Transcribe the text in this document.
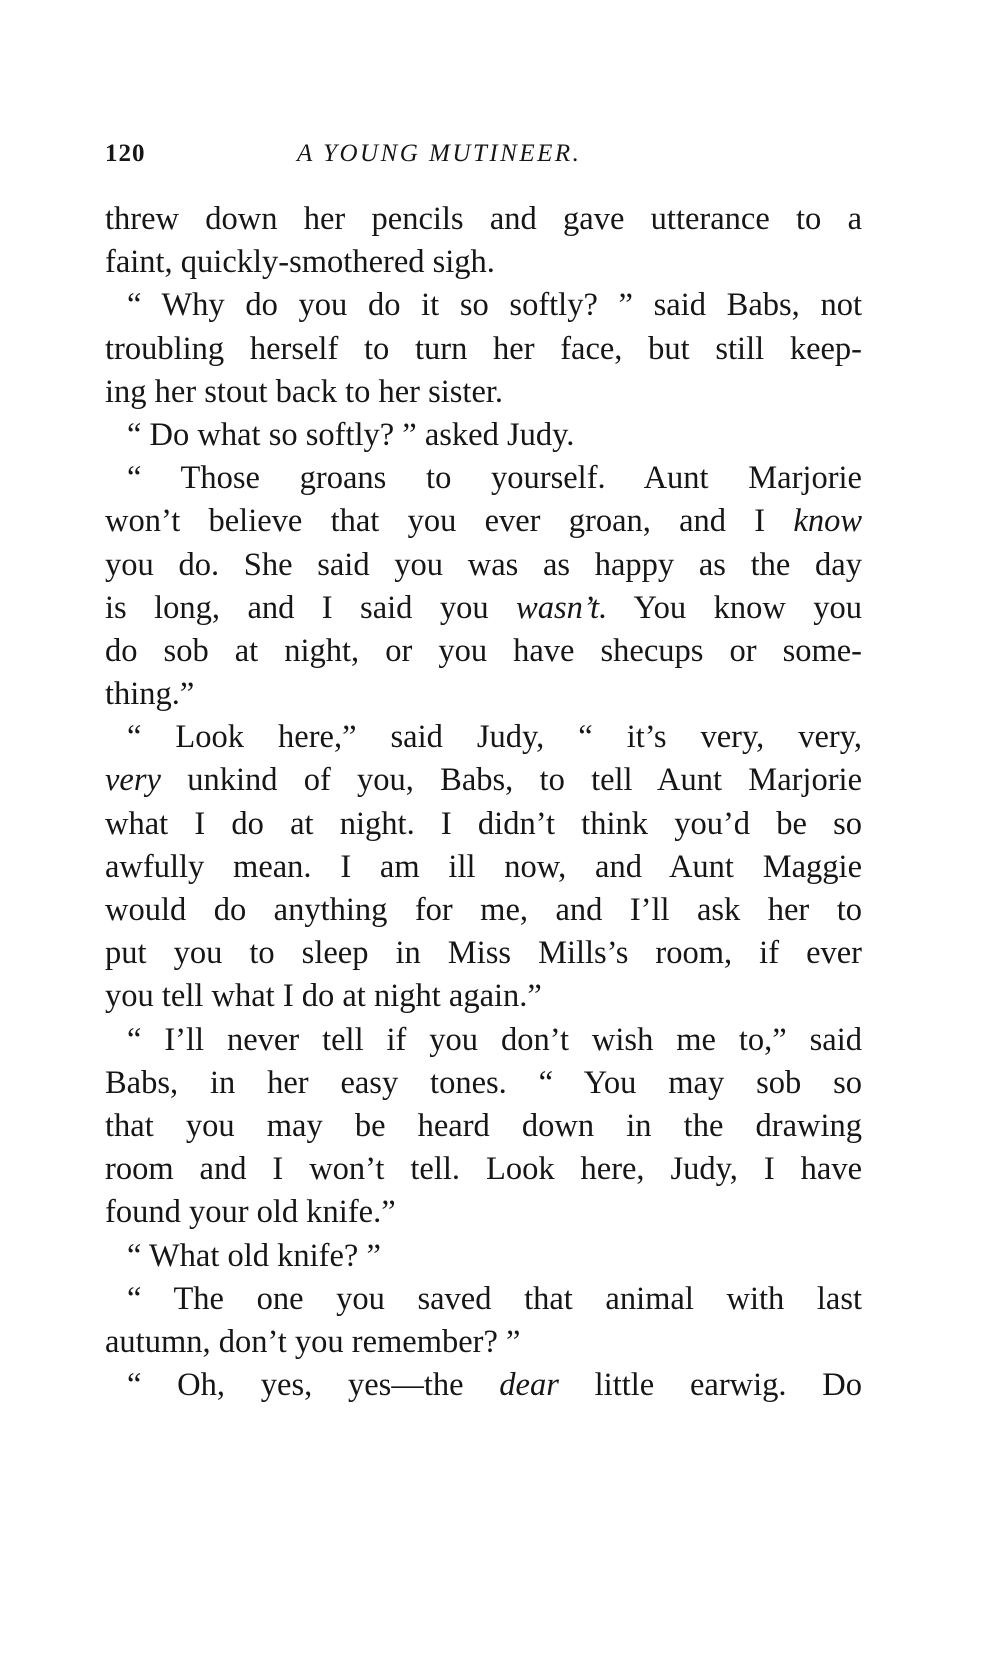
120	A YOUNG MUTINEER.
threw down her pencils and gave utterance to a
faint, quickly-smothered sigh.
“ Why do you do it so softly? ” said Babs, not
troubling herself to turn her face, but still keep-
ing her stout back to her sister.
“ Do what so softly? ” asked Judy.
“ Those groans to yourself. Aunt Marjorie
won’t believe that you ever groan, and I know
you do. She said you was as happy as the day
is long, and I said you wasn’t. You know you
do sob at night, or you have shecups or some-
thing.”
“ Look here,” said Judy, “ it’s very, very,
very unkind of you, Babs, to tell Aunt Marjorie
what I do at night. I didn’t think you’d be so
awfully mean. I am ill now, and Aunt Maggie
would do anything for me, and I’ll ask her to
put you to sleep in Miss Mills’s room, if ever
you tell what I do at night again.”
“ I’ll never tell if you don’t wish me to,” said
Babs, in her easy tones. “ You may sob so
that you may be heard down in the drawing
room and I won’t tell. Look here, Judy, I have
found your old knife.”
“ What old knife? ”
“ The one you saved that animal with last
autumn, don’t you remember? ”
“ Oh, yes, yes—the dear little earwig. Do
